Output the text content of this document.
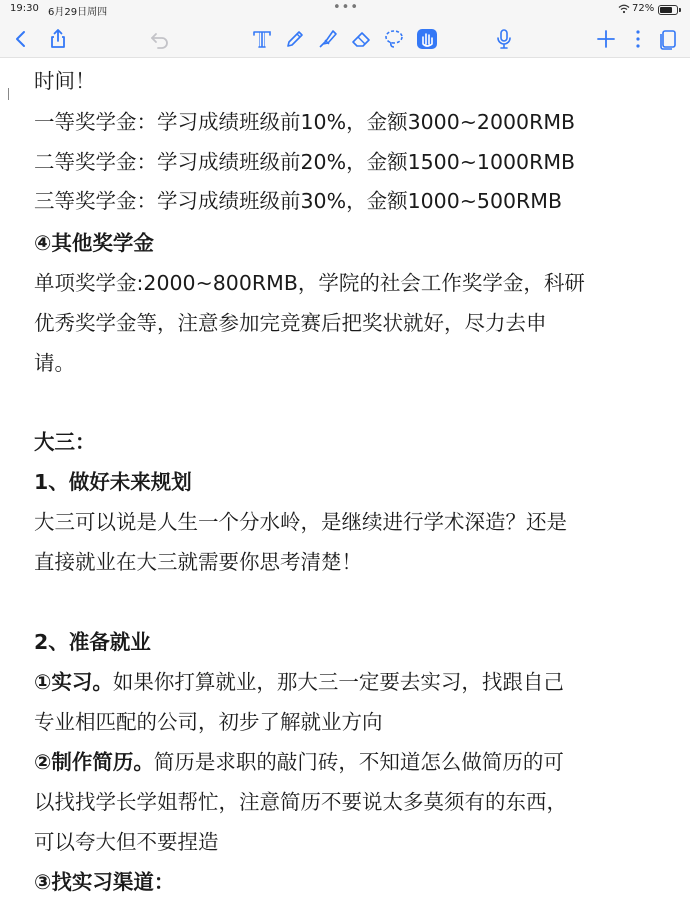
19:30 6月29日周四	•••	72%
时间！
一等奖学金：学习成绩班级前10%，金额3000~2000RMB
二等奖学金：学习成绩班级前20%，金额1500~1000RMB
三等奖学金：学习成绩班级前30%，金额1000~500RMB
④其他奖学金
单项奖学金:2000~800RMB，学院的社会工作奖学金，科研
优秀奖学金等，注意参加完竞赛后把奖状就好，尽力去申
请。
大三：
1、做好未来规划
大三可以说是人生一个分水岭，是继续进行学术深造？还是
直接就业在大三就需要你思考清楚！
2、准备就业
①实习。如果你打算就业，那大三一定要去实习，找跟自己
专业相匹配的公司，初步了解就业方向
②制作简历。简历是求职的敲门砖，不知道怎么做简历的可
以找找学长学姐帮忙，注意简历不要说太多莫须有的东西，
可以夸大但不要捏造
③找实习渠道：
